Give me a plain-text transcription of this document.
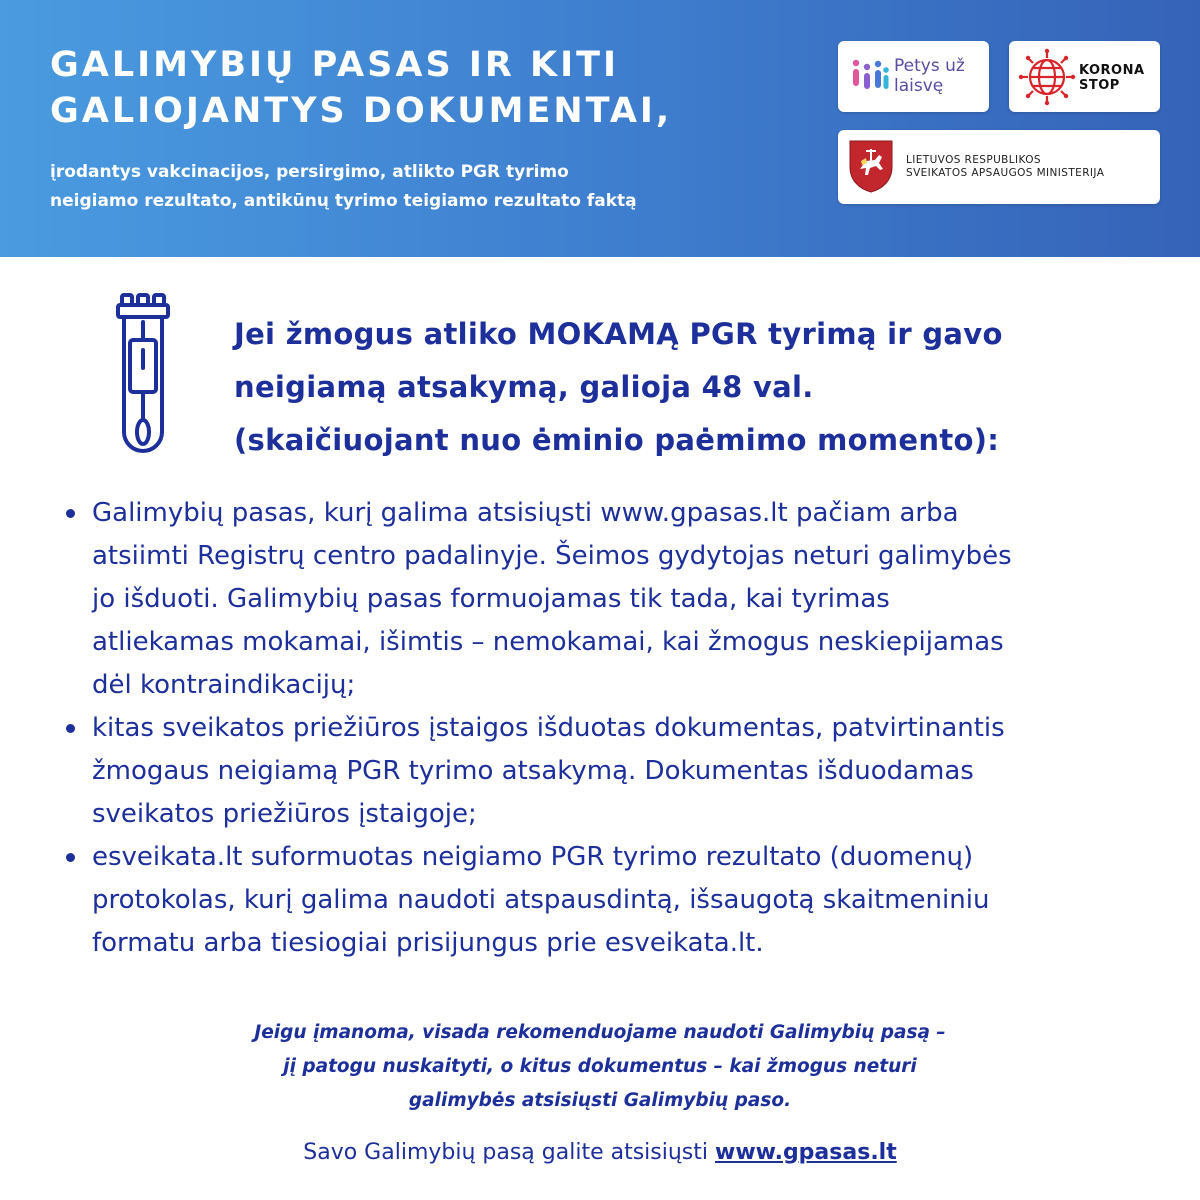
GALIMYBIŲ PASAS IR KITI
GALIOJANTYS DOKUMENTAI,

įrodantys vakcinacijos, persirgimo, atlikto PGR tyrimo
neigiamo rezultato, antikūnų tyrimo teigiamo rezultato faktą

Petys už
laisvę
KORONA
STOP
LIETUVOS RESPUBLIKOS
SVEIKATOS APSAUGOS MINISTERIJA

Jei žmogus atliko MOKAMĄ PGR tyrimą ir gavo
neigiamą atsakymą, galioja 48 val.
(skaičiuojant nuo ėminio paėmimo momento):

Galimybių pasas, kurį galima atsisiųsti www.gpasas.lt pačiam arba
atsiimti Registrų centro padalinyje. Šeimos gydytojas neturi galimybės
jo išduoti. Galimybių pasas formuojamas tik tada, kai tyrimas
atliekamas mokamai, išimtis – nemokamai, kai žmogus neskiepijamas
dėl kontraindikacijų;
kitas sveikatos priežiūros įstaigos išduotas dokumentas, patvirtinantis
žmogaus neigiamą PGR tyrimo atsakymą. Dokumentas išduodamas
sveikatos priežiūros įstaigoje;
esveikata.lt suformuotas neigiamo PGR tyrimo rezultato (duomenų)
protokolas, kurį galima naudoti atspausdintą, išsaugotą skaitmeniniu
formatu arba tiesiogiai prisijungus prie esveikata.lt.
Jeigu įmanoma, visada rekomenduojame naudoti Galimybių pasą –
jį patogu nuskaityti, o kitus dokumentus – kai žmogus neturi
galimybės atsisiųsti Galimybių paso.
Savo Galimybių pasą galite atsisiųsti www.gpasas.lt
